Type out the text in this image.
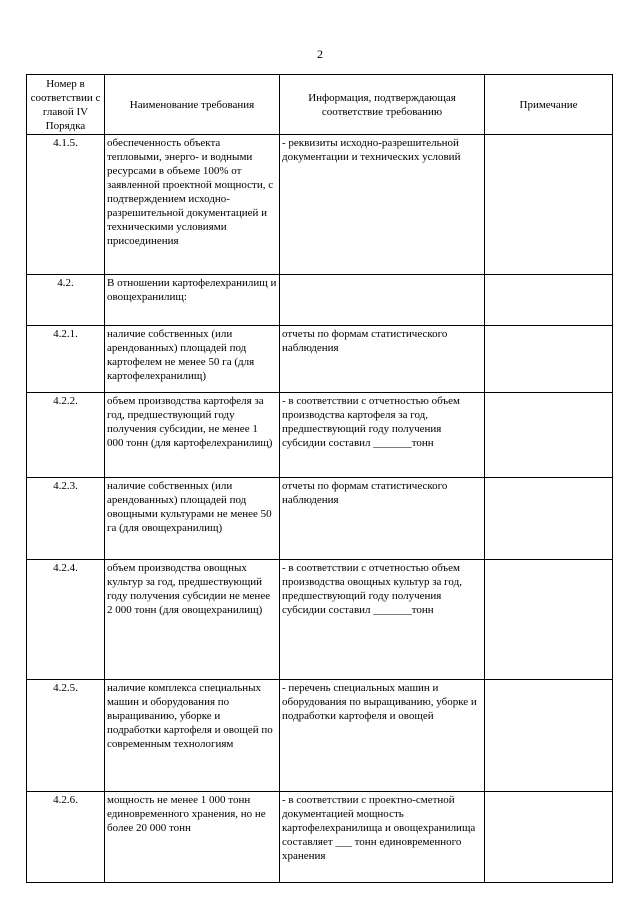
2
Номер в соответствии с главой IV Порядка	Наименование требования	Информация, подтверждающая соответствие требованию	Примечание
4.1.5.	обеспеченность объекта тепловыми, энерго- и водными ресурсами в объеме 100% от заявленной проектной мощности, с подтверждением исходно-разрешительной документацией и техническими условиями присоединения	- реквизиты исходно-разрешительной документации и технических условий	
4.2.	В отношении картофелехранилищ и овощехранилищ:		
4.2.1.	наличие собственных (или арендованных) площадей под картофелем не менее 50 га (для картофелехранилищ)	отчеты по формам статистического наблюдения	
4.2.2.	объем производства картофеля за год, предшествующий году получения субсидии, не менее 1 000 тонн (для картофелехранилищ)	- в соответствии с отчетностью объем производства картофеля за год, предшествующий году получения субсидии составил _______тонн	
4.2.3.	наличие собственных (или арендованных) площадей под овощными культурами не менее 50 га (для овощехранилищ)	отчеты по формам статистического наблюдения	
4.2.4.	объем производства овощных культур за год, предшествующий году получения субсидии не менее 2 000 тонн (для овощехранилищ)	- в соответствии с отчетностью объем производства овощных культур за год, предшествующий году получения субсидии составил _______тонн	
4.2.5.	наличие комплекса специальных машин и оборудования по выращиванию, уборке и подработки картофеля и овощей по современным технологиям	- перечень специальных машин и оборудования по выращиванию, уборке и подработки картофеля и овощей	
4.2.6.	мощность не менее 1 000 тонн единовременного хранения, но не более 20 000 тонн	- в соответствии с проектно-сметной документацией мощность картофелехранилища и овощехранилища составляет ___ тонн единовременного хранения	
